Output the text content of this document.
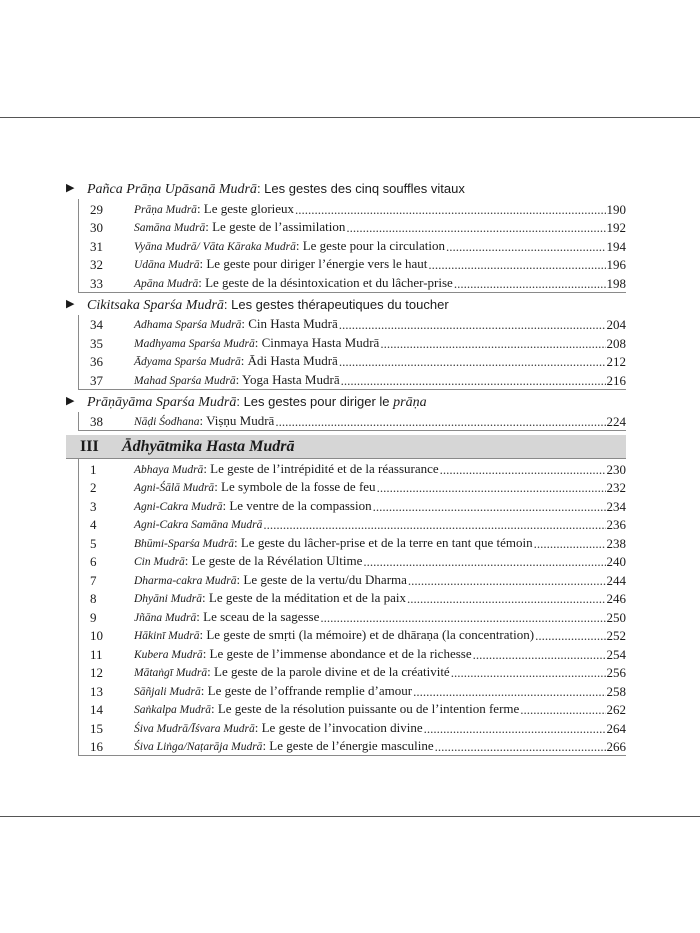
▶ Pañca Prāṇa Upāsanā Mudrā: Les gestes des cinq souffles vitaux
29	Prāṇa Mudrā: Le geste glorieux .....	190
30	Samāna Mudrā: Le geste de l’assimilation .....	192
31	Vyāna Mudrā/ Vāta Kāraka Mudrā: Le geste pour la circulation .....	194
32	Udāna Mudrā: Le geste pour diriger l’énergie vers le haut .....	196
33	Apāna Mudrā: Le geste de la désintoxication et du lâcher-prise .....	198
▶ Cikitsaka Sparśa Mudrā: Les gestes thérapeutiques du toucher
34	Adhama Sparśa Mudrā: Cin Hasta Mudrā .....	204
35	Madhyama Sparśa Mudrā: Cinmaya Hasta Mudrā .....	208
36	Ādyama Sparśa Mudrā: Ādi Hasta Mudrā .....	212
37	Mahad Sparśa Mudrā: Yoga Hasta Mudrā .....	216
▶ Prāṇāyāma Sparśa Mudrā: Les gestes pour diriger le prāṇa
38	Nāḍi Śodhana: Viṣṇu Mudrā .....	224
III	Ādhyātmika Hasta Mudrā
1	Abhaya Mudrā: Le geste de l’intrépidité et de la réassurance .....	230
2	Agni-Śālā Mudrā: Le symbole de la fosse de feu .....	232
3	Agni-Cakra Mudrā: Le ventre de la compassion .....	234
4	Agni-Cakra Samāna Mudrā .....	236
5	Bhūmi-Sparśa Mudrā: Le geste du lâcher-prise et de la terre en tant que témoin .....	238
6	Cin Mudrā: Le geste de la Révélation Ultime .....	240
7	Dharma-cakra Mudrā: Le geste de la vertu/du Dharma .....	244
8	Dhyāni Mudrā: Le geste de la méditation et de la paix .....	246
9	Jñāna Mudrā: Le sceau de la sagesse .....	250
10	Hākinī Mudrā: Le geste de smṛti (la mémoire) et de dhāraṇa (la concentration) .....	252
11	Kubera Mudrā: Le geste de l’immense abondance et de la richesse .....	254
12	Mātaṅgī Mudrā: Le geste de la parole divine et de la créativité .....	256
13	Sāñjali Mudrā: Le geste de l’offrande remplie d’amour .....	258
14	Saṅkalpa Mudrā: Le geste de la résolution puissante ou de l’intention ferme .....	262
15	Śiva Mudrā/Īśvara Mudrā: Le geste de l’invocation divine .....	264
16	Śiva Liṅga/Naṭarāja Mudrā: Le geste de l’énergie masculine .....	266
